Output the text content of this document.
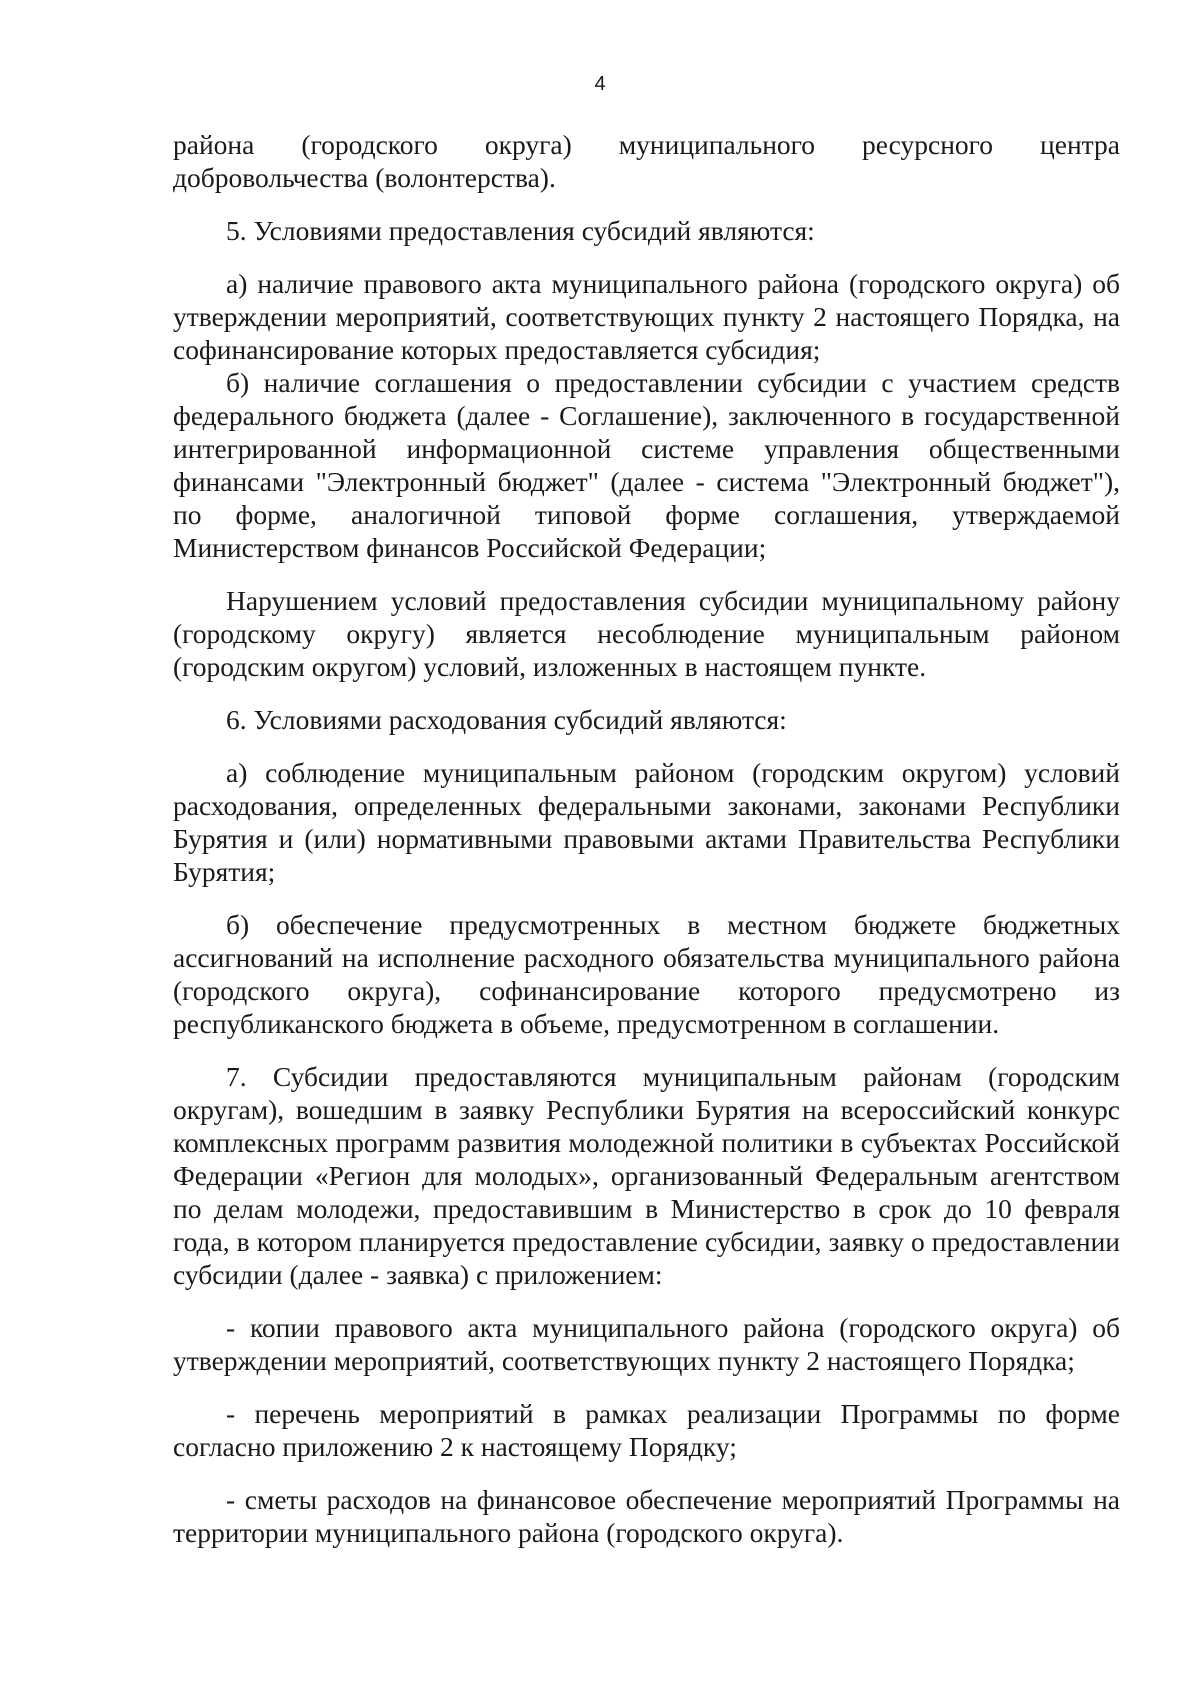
4

района (городского округа) муниципального ресурсного центра добровольчества (волонтерства).

5. Условиями предоставления субсидий являются:

а) наличие правового акта муниципального района (городского округа) об утверждении мероприятий, соответствующих пункту 2 настоящего Порядка, на софинансирование которых предоставляется субсидия;

б) наличие соглашения о предоставлении субсидии с участием средств федерального бюджета (далее - Соглашение), заключенного в государственной интегрированной информационной системе управления общественными финансами "Электронный бюджет" (далее - система "Электронный бюджет"), по форме, аналогичной типовой форме соглашения, утверждаемой Министерством финансов Российской Федерации;

Нарушением условий предоставления субсидии муниципальному району (городскому округу) является несоблюдение муниципальным районом (городским округом) условий, изложенных в настоящем пункте.

6. Условиями расходования субсидий являются:

а) соблюдение муниципальным районом (городским округом) условий расходования, определенных федеральными законами, законами Республики Бурятия и (или) нормативными правовыми актами Правительства Республики Бурятия;

б) обеспечение предусмотренных в местном бюджете бюджетных ассигнований на исполнение расходного обязательства муниципального района (городского округа), софинансирование которого предусмотрено из республиканского бюджета в объеме, предусмотренном в соглашении.

7. Субсидии предоставляются муниципальным районам (городским округам), вошедшим в заявку Республики Бурятия на всероссийский конкурс комплексных программ развития молодежной политики в субъектах Российской Федерации «Регион для молодых», организованный Федеральным агентством по делам молодежи, предоставившим в Министерство в срок до 10 февраля года, в котором планируется предоставление субсидии, заявку о предоставлении субсидии (далее - заявка) с приложением:

- копии правового акта муниципального района (городского округа) об утверждении мероприятий, соответствующих пункту 2 настоящего Порядка;

- перечень мероприятий в рамках реализации Программы по форме согласно приложению 2 к настоящему Порядку;

- сметы расходов на финансовое обеспечение мероприятий Программы на территории муниципального района (городского округа).
